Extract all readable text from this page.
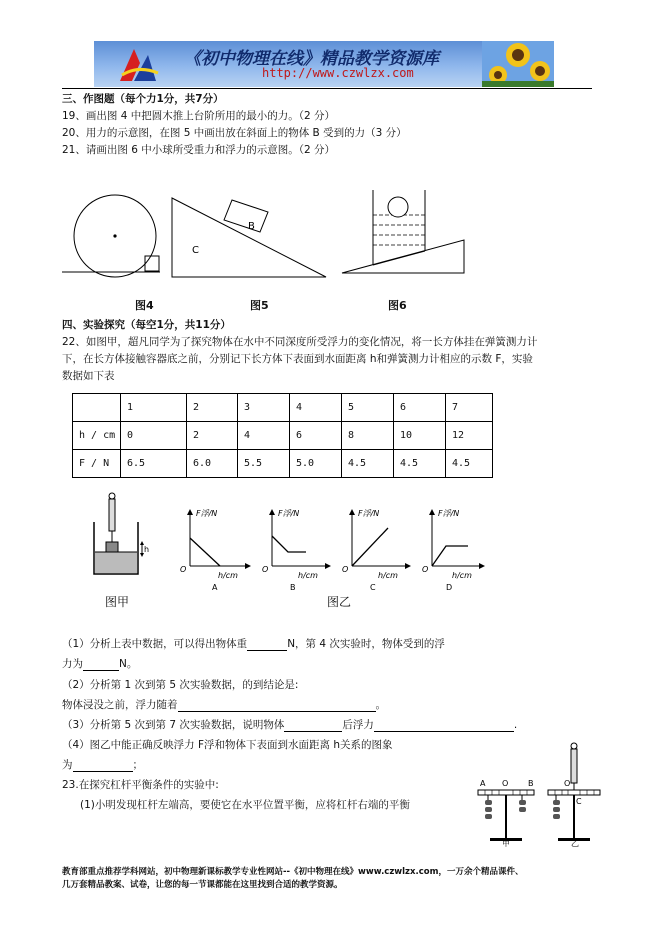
《初中物理在线》精品教学资源库
http://www.czwlzx.com
三、作图题（每个力1分，共7分）
19、画出图 4 中把圆木推上台阶所用的最小的力。（2 分）
20、用力的示意图，在图 5 中画出放在斜面上的物体 B 受到的力（3 分）
21、请画出图 6 中小球所受重力和浮力的示意图。（2 分）
图4
B
C
图5	图6
四、实验探究（每空1分，共11分）
22、如图甲，超凡同学为了探究物体在水中不同深度所受浮力的变化情况，将一长方体挂在弹簧测力计
下，在长方体接触容器底之前，分别记下长方体下表面到水面距离 h和弹簧测力计相应的示数 F，实验
数据如下表
	1	2	3	4	5	6	7
h / cm	0	2	4	6	8	10	12
F / N	6.5	6.0	5.5	5.0	4.5	4.5	4.5
h
图甲
F浮/N
h/cm
O
A
F浮/N
h/cm
O
B
F浮/N
h/cm
O
C
F浮/N
h/cm
O
D
图乙
（1）分析上表中数据，可以得出物体重	N，第 4 次实验时，物体受到的浮
力为	N。
（2）分析第 1 次到第 5 次实验数据，的到结论是:
物体浸没之前，浮力随着	。
（3）分析第 5 次到第 7 次实验数据，说明物体	后浮力	.
（4）图乙中能正确反映浮力 F浮和物体下表面到水面距离 h关系的图象
为	；
23.在探究杠杆平衡条件的实验中:
(1)小明发现杠杆左端高，要使它在水平位置平衡，应将杠杆右端的平衡
A O B
甲
O
C
乙
教育部重点推荐学科网站，初中物理新课标教学专业性网站--《初中物理在线》www.czwlzx.com，一万余个精品课件、
几万套精品教案、试卷，让您的每一节课都能在这里找到合适的教学资源。
